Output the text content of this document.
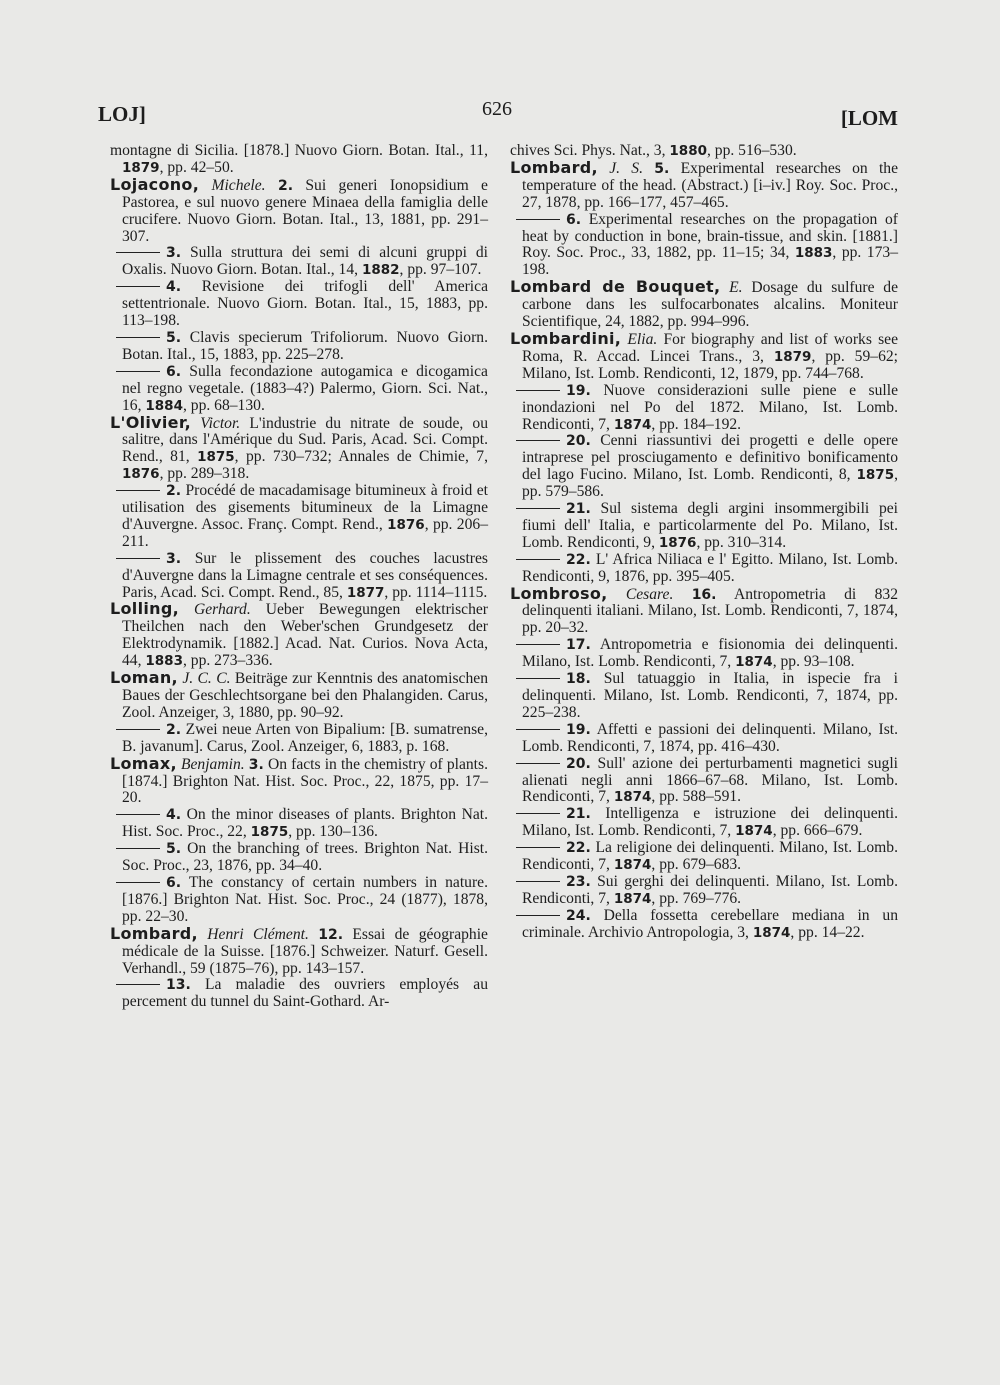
LOJ]	626	[LOM

montagne di Sicilia. [1878.] Nuovo Giorn. Botan. Ital., 11, 1879, pp. 42–50.

Lojacono, Michele. 2. Sui generi Ionopsidium e Pastorea, e sul nuovo genere Minaea della famiglia delle crucifere. Nuovo Giorn. Botan. Ital., 13, 1881, pp. 291–307.

3. Sulla struttura dei semi di alcuni gruppi di Oxalis. Nuovo Giorn. Botan. Ital., 14, 1882, pp. 97–107.

4. Revisione dei trifogli dell' America settentrionale. Nuovo Giorn. Botan. Ital., 15, 1883, pp. 113–198.

5. Clavis specierum Trifoliorum. Nuovo Giorn. Botan. Ital., 15, 1883, pp. 225–278.

6. Sulla fecondazione autogamica e dicogamica nel regno vegetale. (1883–4?) Palermo, Giorn. Sci. Nat., 16, 1884, pp. 68–130.

L'Olivier, Victor. L'industrie du nitrate de soude, ou salitre, dans l'Amérique du Sud. Paris, Acad. Sci. Compt. Rend., 81, 1875, pp. 730–732; Annales de Chimie, 7, 1876, pp. 289–318.

2. Procédé de macadamisage bitumineux à froid et utilisation des gisements bitumineux de la Limagne d'Auvergne. Assoc. Franç. Compt. Rend., 1876, pp. 206–211.

3. Sur le plissement des couches lacustres d'Auvergne dans la Limagne centrale et ses conséquences. Paris, Acad. Sci. Compt. Rend., 85, 1877, pp. 1114–1115.

Lolling, Gerhard. Ueber Bewegungen elektrischer Theilchen nach den Weber'schen Grundgesetz der Elektrodynamik. [1882.] Acad. Nat. Curios. Nova Acta, 44, 1883, pp. 273–336.

Loman, J. C. C. Beiträge zur Kenntnis des anatomischen Baues der Geschlechtsorgane bei den Phalangiden. Carus, Zool. Anzeiger, 3, 1880, pp. 90–92.

2. Zwei neue Arten von Bipalium: [B. sumatrense, B. javanum]. Carus, Zool. Anzeiger, 6, 1883, p. 168.

Lomax, Benjamin. 3. On facts in the chemistry of plants. [1874.] Brighton Nat. Hist. Soc. Proc., 22, 1875, pp. 17–20.

4. On the minor diseases of plants. Brighton Nat. Hist. Soc. Proc., 22, 1875, pp. 130–136.

5. On the branching of trees. Brighton Nat. Hist. Soc. Proc., 23, 1876, pp. 34–40.

6. The constancy of certain numbers in nature. [1876.] Brighton Nat. Hist. Soc. Proc., 24 (1877), 1878, pp. 22–30.

Lombard, Henri Clément. 12. Essai de géographie médicale de la Suisse. [1876.] Schweizer. Naturf. Gesell. Verhandl., 59 (1875–76), pp. 143–157.

13. La maladie des ouvriers employés au percement du tunnel du Saint-Gothard. Ar-

chives Sci. Phys. Nat., 3, 1880, pp. 516–530.

Lombard, J. S. 5. Experimental researches on the temperature of the head. (Abstract.) [i–iv.] Roy. Soc. Proc., 27, 1878, pp. 166–177, 457–465.

6. Experimental researches on the propagation of heat by conduction in bone, brain-tissue, and skin. [1881.] Roy. Soc. Proc., 33, 1882, pp. 11–15; 34, 1883, pp. 173–198.

Lombard de Bouquet, E. Dosage du sulfure de carbone dans les sulfocarbonates alcalins. Moniteur Scientifique, 24, 1882, pp. 994–996.

Lombardini, Elia. For biography and list of works see Roma, R. Accad. Lincei Trans., 3, 1879, pp. 59–62; Milano, Ist. Lomb. Rendiconti, 12, 1879, pp. 744–768.

19. Nuove considerazioni sulle piene e sulle inondazioni nel Po del 1872. Milano, Ist. Lomb. Rendiconti, 7, 1874, pp. 184–192.

20. Cenni riassuntivi dei progetti e delle opere intraprese pel prosciugamento e definitivo bonificamento del lago Fucino. Milano, Ist. Lomb. Rendiconti, 8, 1875, pp. 579–586.

21. Sul sistema degli argini insommergibili pei fiumi dell' Italia, e particolarmente del Po. Milano, Ist. Lomb. Rendiconti, 9, 1876, pp. 310–314.

22. L' Africa Niliaca e l' Egitto. Milano, Ist. Lomb. Rendiconti, 9, 1876, pp. 395–405.

Lombroso, Cesare. 16. Antropometria di 832 delinquenti italiani. Milano, Ist. Lomb. Rendiconti, 7, 1874, pp. 20–32.

17. Antropometria e fisionomia dei delinquenti. Milano, Ist. Lomb. Rendiconti, 7, 1874, pp. 93–108.

18. Sul tatuaggio in Italia, in ispecie fra i delinquenti. Milano, Ist. Lomb. Rendiconti, 7, 1874, pp. 225–238.

19. Affetti e passioni dei delinquenti. Milano, Ist. Lomb. Rendiconti, 7, 1874, pp. 416–430.

20. Sull' azione dei perturbamenti magnetici sugli alienati negli anni 1866–67–68. Milano, Ist. Lomb. Rendiconti, 7, 1874, pp. 588–591.

21. Intelligenza e istruzione dei delinquenti. Milano, Ist. Lomb. Rendiconti, 7, 1874, pp. 666–679.

22. La religione dei delinquenti. Milano, Ist. Lomb. Rendiconti, 7, 1874, pp. 679–683.

23. Sui gerghi dei delinquenti. Milano, Ist. Lomb. Rendiconti, 7, 1874, pp. 769–776.

24. Della fossetta cerebellare mediana in un criminale. Archivio Antropologia, 3, 1874, pp. 14–22.
